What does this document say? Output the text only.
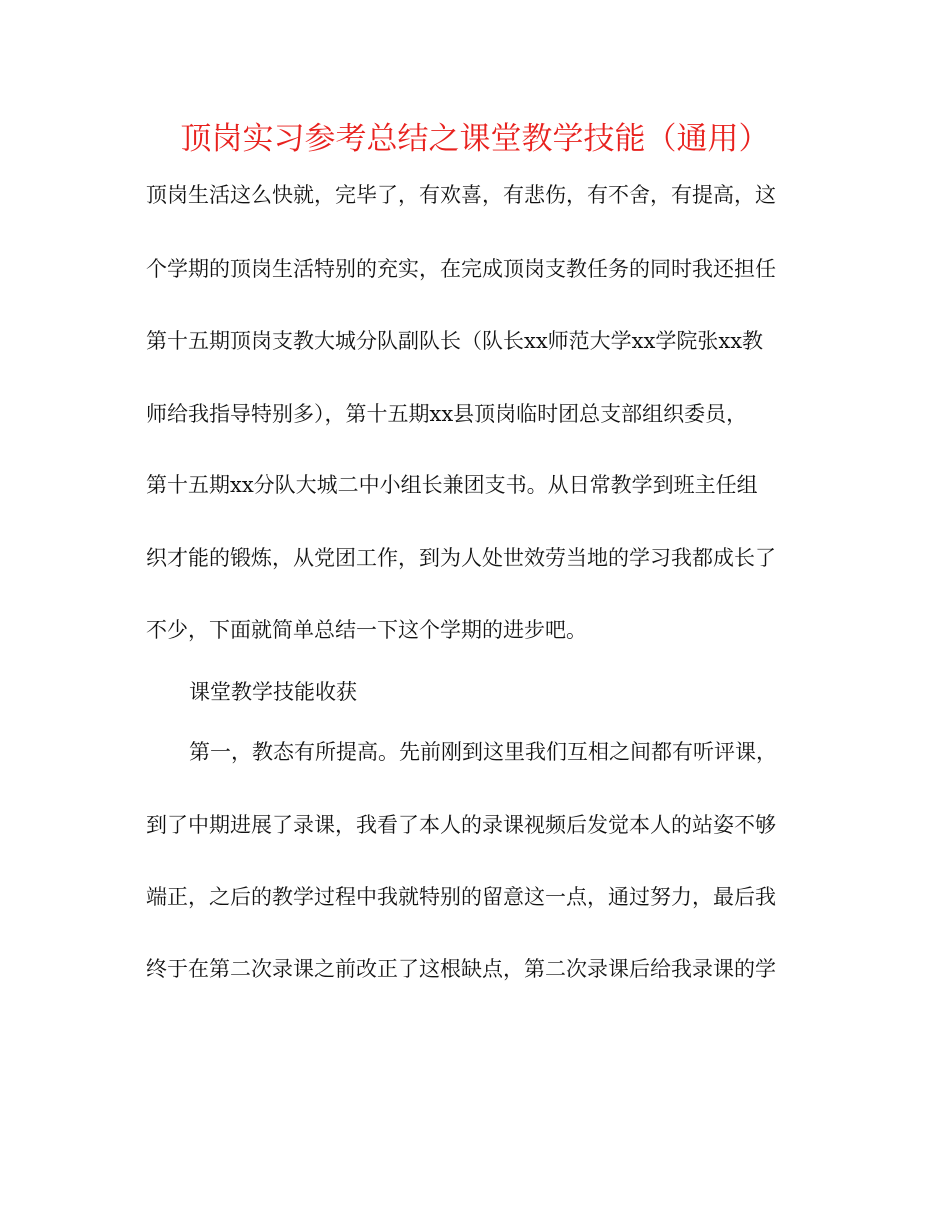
顶岗实习参考总结之课堂教学技能（通用）
顶岗生活这么快就，完毕了，有欢喜，有悲伤，有不舍，有提高，这
个学期的顶岗生活特别的充实，在完成顶岗支教任务的同时我还担任
第十五期顶岗支教大城分队副队长（队长xx师范大学xx学院张xx教
师给我指导特别多），第十五期xx县顶岗临时团总支部组织委员，
第十五期xx分队大城二中小组长兼团支书。从日常教学到班主任组
织才能的锻炼，从党团工作，到为人处世效劳当地的学习我都成长了
不少，下面就简单总结一下这个学期的进步吧。
课堂教学技能收获
第一，教态有所提高。先前刚到这里我们互相之间都有听评课，
到了中期进展了录课，我看了本人的录课视频后发觉本人的站姿不够
端正，之后的教学过程中我就特别的留意这一点，通过努力，最后我
终于在第二次录课之前改正了这根缺点，第二次录课后给我录课的学
